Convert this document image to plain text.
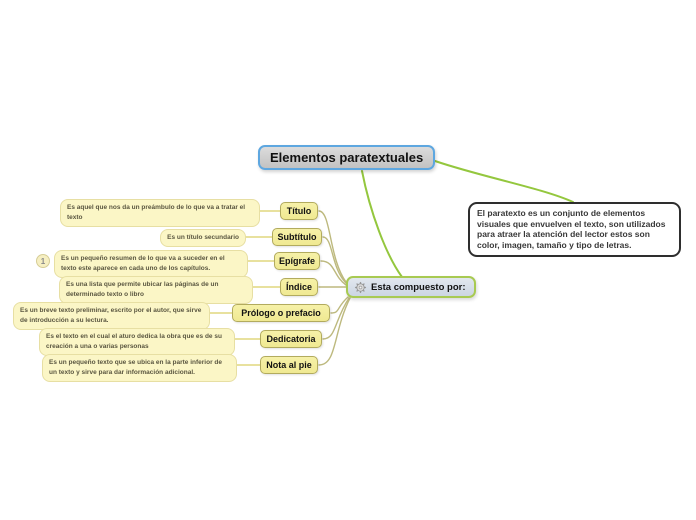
Elementos paratextuales
El paratexto es un conjunto de elementos visuales que envuelven el texto, son utilizados para atraer la atención del lector estos son color, imagen, tamaño y tipo de letras.
Esta compuesto por:
Título
Es aquel que nos da un preámbulo de lo que va a tratar el texto
Subtítulo
Es un título secundario
Epígrafe
Es un pequeño resumen de lo que va a suceder en el texto este aparece en cada uno de los capítulos.
1
Índice
Es una lista que permite ubicar las páginas de un determinado texto o libro
Prólogo o prefacio
Es un breve texto preliminar, escrito por el autor, que sirve de introducción a su lectura.
Dedicatoria
Es el texto en el cual el aturo dedica la obra que es de su creación a una o varias personas
Nota al pie
Es un pequeño texto que se ubica en la parte inferior de un texto y sirve para dar información adicional.
